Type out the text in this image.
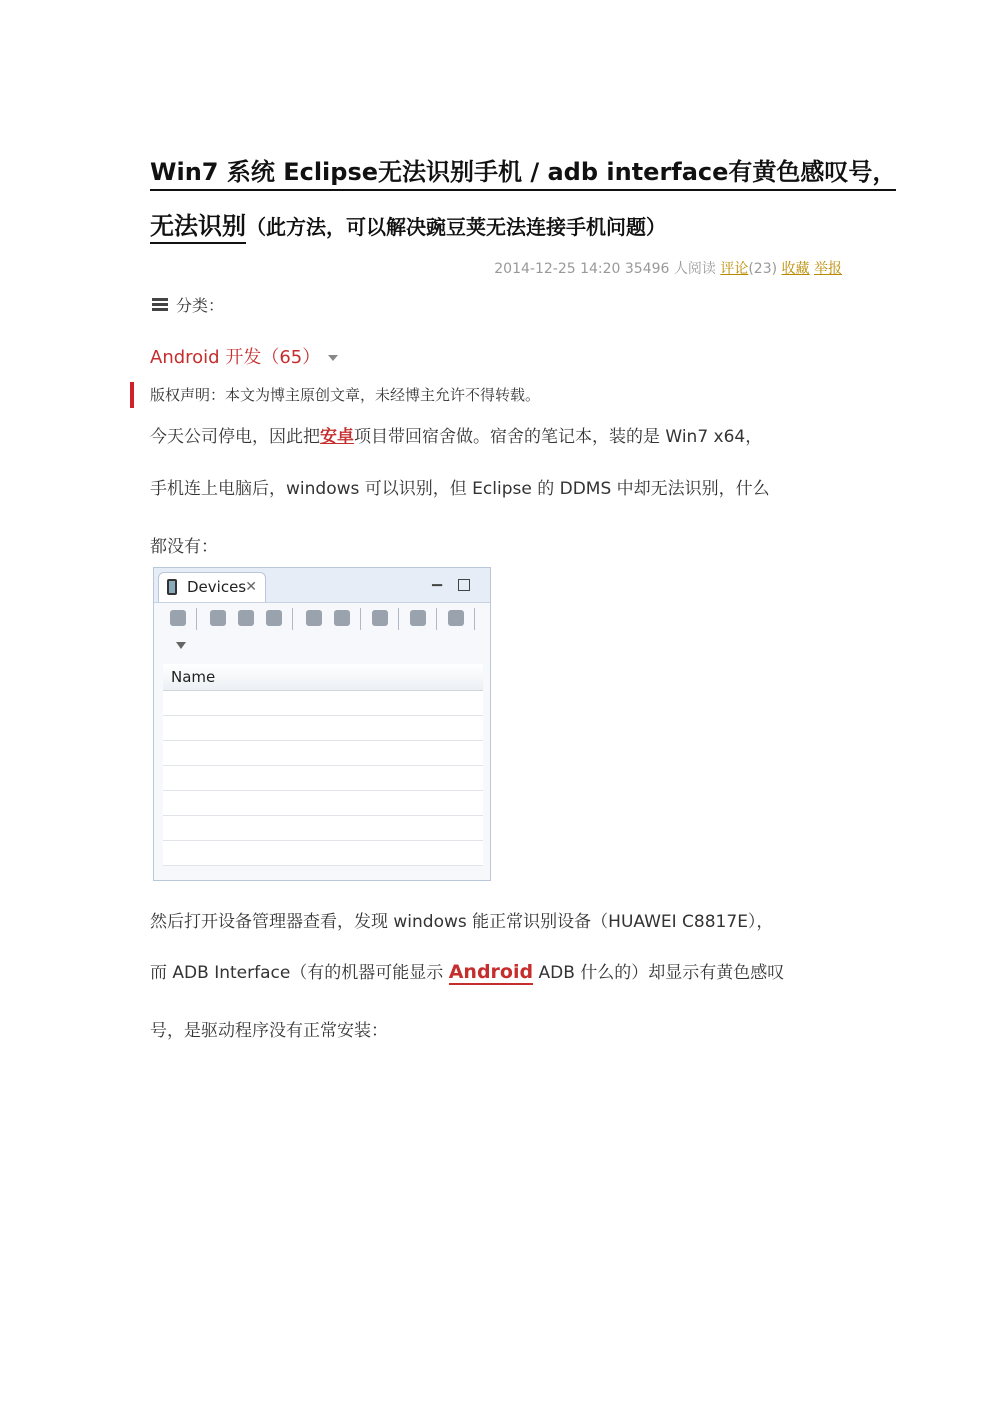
Win7 系统 Eclipse无法识别手机 / adb interface有黄色感叹号，
无法识别（此方法，可以解决豌豆荚无法连接手机问题）
2014-12-25 14:20 35496 人阅读 评论(23) 收藏 举报
分类：
Android 开发（65）
版权声明：本文为博主原创文章，未经博主允许不得转载。
今天公司停电，因此把安卓项目带回宿舍做。宿舍的笔记本，装的是 Win7 x64，
手机连上电脑后，windows 可以识别，但 Eclipse 的 DDMS 中却无法识别，什么
都没有：
Devices ✕	▁
Name
然后打开设备管理器查看，发现 windows 能正常识别设备（HUAWEI C8817E），
而 ADB Interface（有的机器可能显示 Android ADB 什么的）却显示有黄色感叹
号，是驱动程序没有正常安装：
